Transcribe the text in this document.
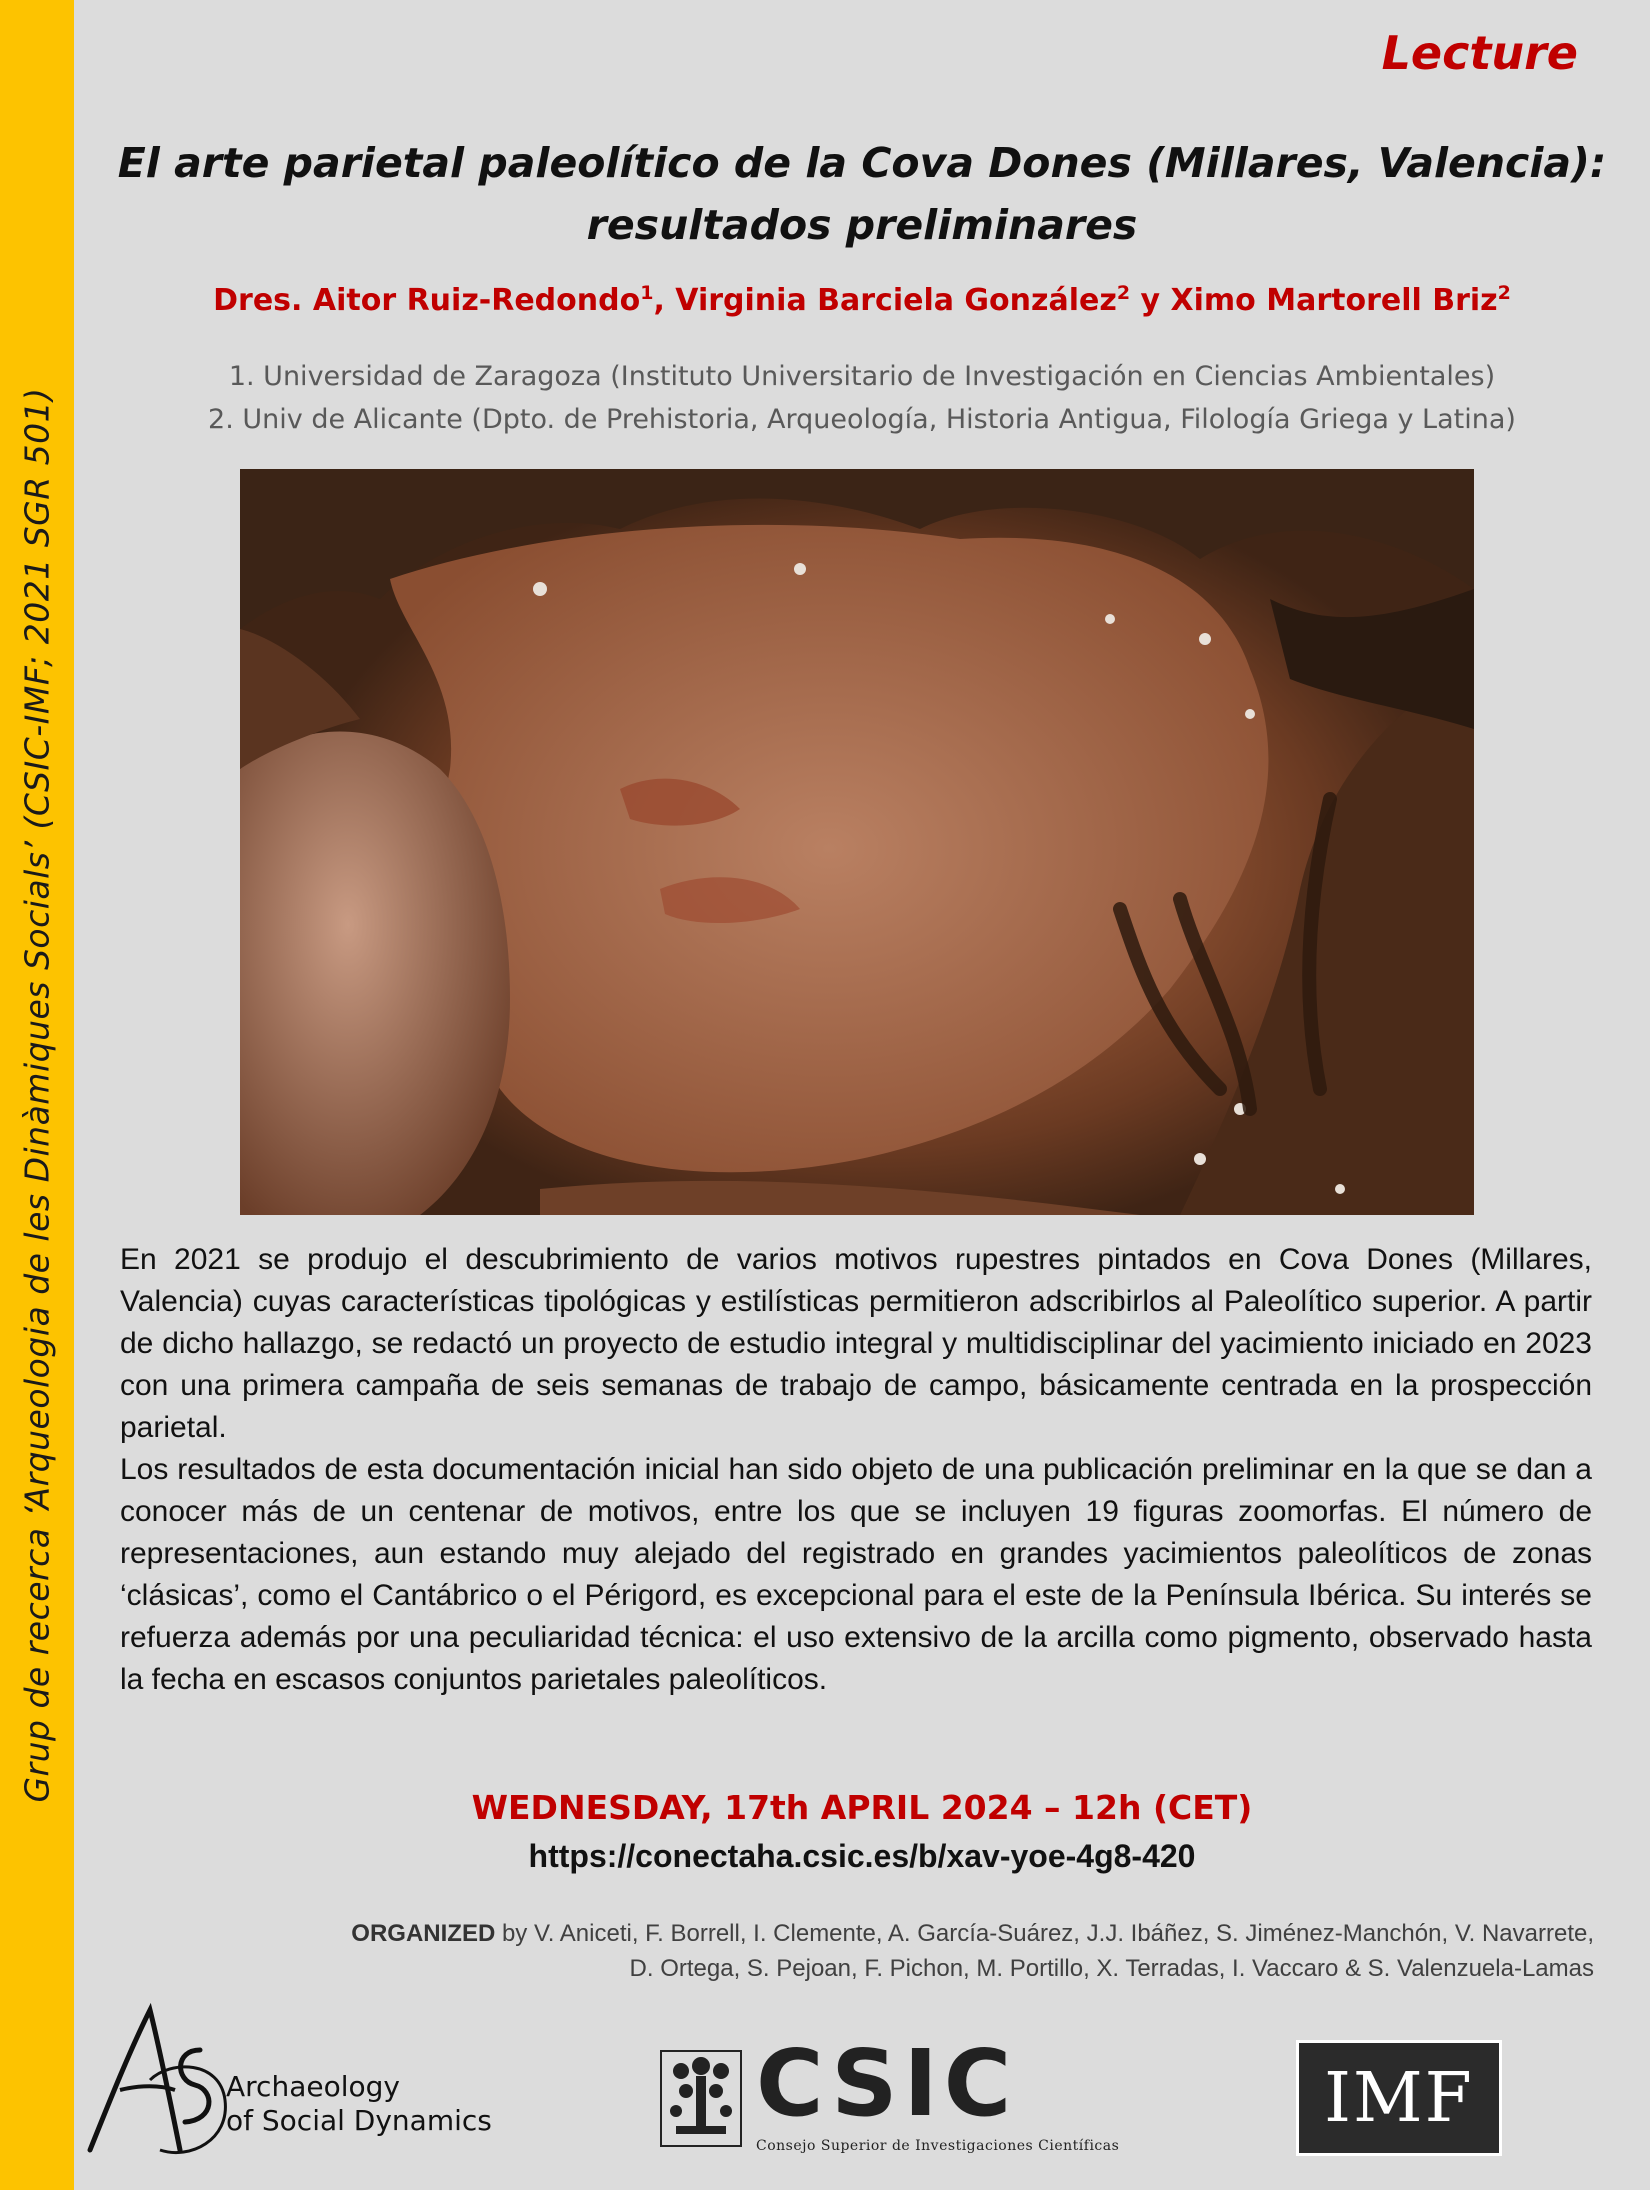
Grup de recerca ‘Arqueologia de les Dinàmiques Socials’ (CSIC-IMF; 2021 SGR 501)
Lecture
El arte parietal paleolítico de la Cova Dones (Millares, Valencia):
resultados preliminares
Dres. Aitor Ruiz-Redondo$^1$, Virginia Barciela González$^2$ y Ximo Martorell Briz$^2$
1. Universidad de Zaragoza (Instituto Universitario de Investigación en Ciencias Ambientales)
2. Univ de Alicante (Dpto. de Prehistoria, Arqueología, Historia Antigua, Filología Griega y Latina)

En 2021 se produjo el descubrimiento de varios motivos rupestres pintados en Cova Dones (Millares, Valencia) cuyas características tipológicas y estilísticas permitieron adscribirlos al Paleolítico superior. A partir de dicho hallazgo, se redactó un proyecto de estudio integral y multidisciplinar del yacimiento iniciado en 2023 con una primera campaña de seis semanas de trabajo de campo, básicamente centrada en la prospección parietal.

Los resultados de esta documentación inicial han sido objeto de una publicación preliminar en la que se dan a conocer más de un centenar de motivos, entre los que se incluyen 19 figuras zoomorfas. El número de representaciones, aun estando muy alejado del registrado en grandes yacimientos paleolíticos de zonas ‘clásicas’, como el Cantábrico o el Périgord, es excepcional para el este de la Península Ibérica. Su interés se refuerza además por una peculiaridad técnica: el uso extensivo de la arcilla como pigmento, observado hasta la fecha en escasos conjuntos parietales paleolíticos.

WEDNESDAY, 17th APRIL 2024 – 12h (CET)
https://conectaha.csic.es/b/xav-yoe-4g8-420
ORGANIZED by V. Aniceti, F. Borrell, I. Clemente, A. García-Suárez, J.J. Ibáñez, S. Jiménez-Manchón, V. Navarrete,
D. Ortega, S. Pejoan, F. Pichon, M. Portillo, X. Terradas, I. Vaccaro & S. Valenzuela-Lamas
Archaeology
of Social Dynamics	CSIC
Consejo Superior de Investigaciones Científicas
IMF
